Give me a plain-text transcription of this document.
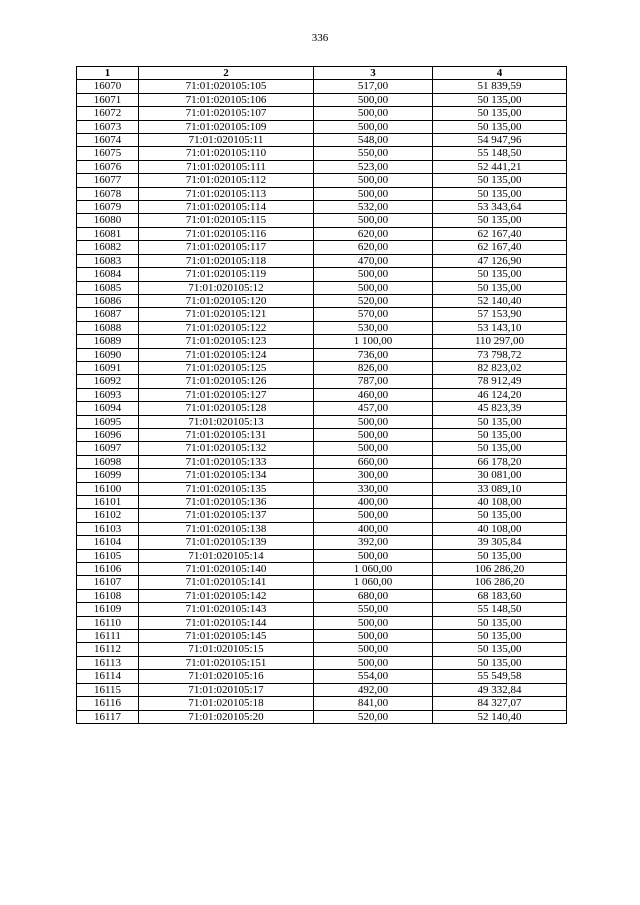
336
1	2	3	4
16070	71:01:020105:105	517,00	51 839,59
16071	71:01:020105:106	500,00	50 135,00
16072	71:01:020105:107	500,00	50 135,00
16073	71:01:020105:109	500,00	50 135,00
16074	71:01:020105:11	548,00	54 947,96
16075	71:01:020105:110	550,00	55 148,50
16076	71:01:020105:111	523,00	52 441,21
16077	71:01:020105:112	500,00	50 135,00
16078	71:01:020105:113	500,00	50 135,00
16079	71:01:020105:114	532,00	53 343,64
16080	71:01:020105:115	500,00	50 135,00
16081	71:01:020105:116	620,00	62 167,40
16082	71:01:020105:117	620,00	62 167,40
16083	71:01:020105:118	470,00	47 126,90
16084	71:01:020105:119	500,00	50 135,00
16085	71:01:020105:12	500,00	50 135,00
16086	71:01:020105:120	520,00	52 140,40
16087	71:01:020105:121	570,00	57 153,90
16088	71:01:020105:122	530,00	53 143,10
16089	71:01:020105:123	1 100,00	110 297,00
16090	71:01:020105:124	736,00	73 798,72
16091	71:01:020105:125	826,00	82 823,02
16092	71:01:020105:126	787,00	78 912,49
16093	71:01:020105:127	460,00	46 124,20
16094	71:01:020105:128	457,00	45 823,39
16095	71:01:020105:13	500,00	50 135,00
16096	71:01:020105:131	500,00	50 135,00
16097	71:01:020105:132	500,00	50 135,00
16098	71:01:020105:133	660,00	66 178,20
16099	71:01:020105:134	300,00	30 081,00
16100	71:01:020105:135	330,00	33 089,10
16101	71:01:020105:136	400,00	40 108,00
16102	71:01:020105:137	500,00	50 135,00
16103	71:01:020105:138	400,00	40 108,00
16104	71:01:020105:139	392,00	39 305,84
16105	71:01:020105:14	500,00	50 135,00
16106	71:01:020105:140	1 060,00	106 286,20
16107	71:01:020105:141	1 060,00	106 286,20
16108	71:01:020105:142	680,00	68 183,60
16109	71:01:020105:143	550,00	55 148,50
16110	71:01:020105:144	500,00	50 135,00
16111	71:01:020105:145	500,00	50 135,00
16112	71:01:020105:15	500,00	50 135,00
16113	71:01:020105:151	500,00	50 135,00
16114	71:01:020105:16	554,00	55 549,58
16115	71:01:020105:17	492,00	49 332,84
16116	71:01:020105:18	841,00	84 327,07
16117	71:01:020105:20	520,00	52 140,40
